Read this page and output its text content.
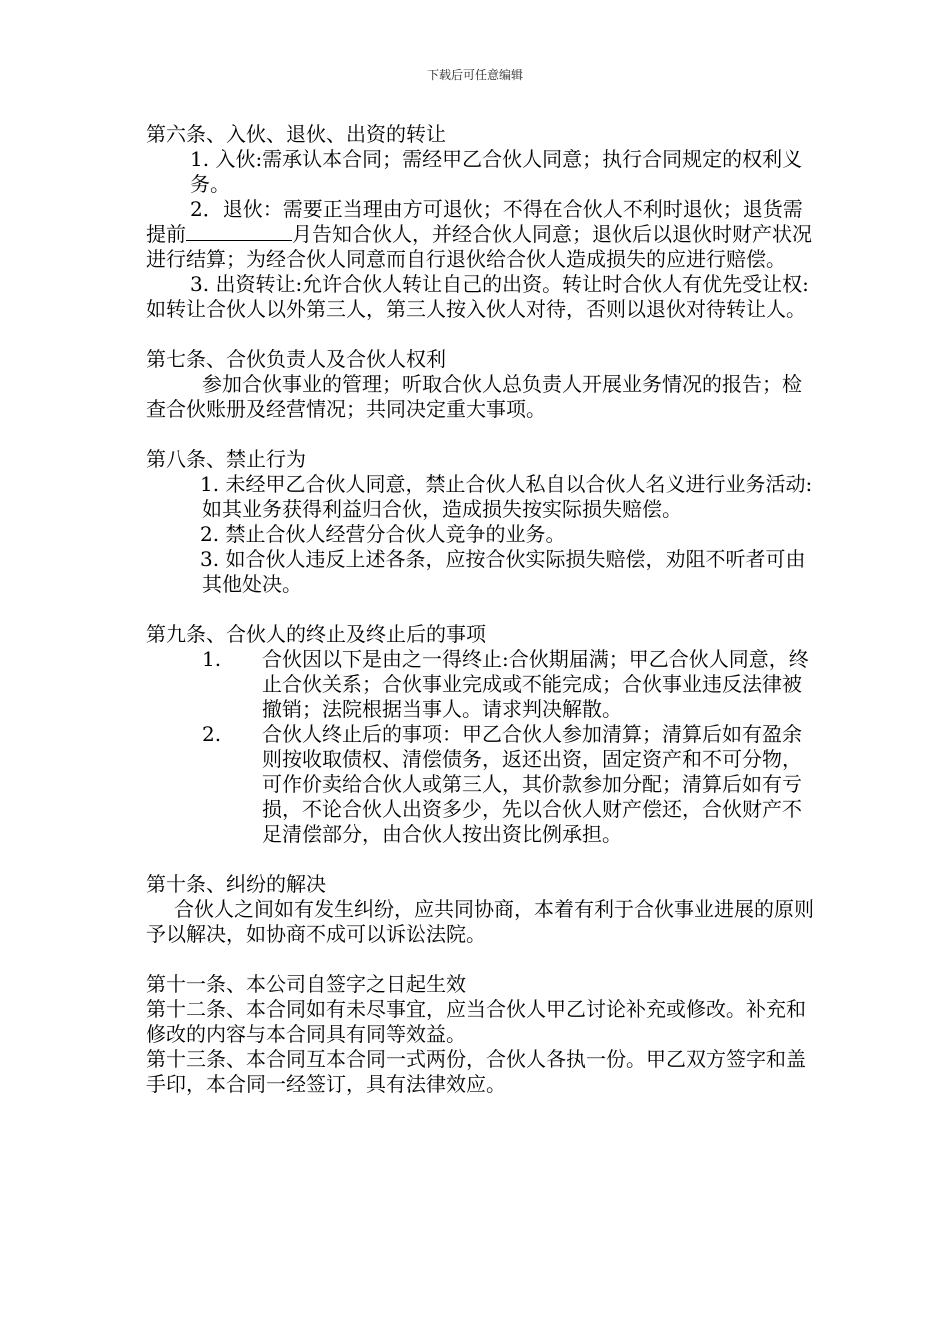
下载后可任意编辑

第六条、入伙、退伙、出资的转让

1. 入伙:需承认本合同；需经甲乙合伙人同意；执行合同规定的权利义务。

2．退伙：需要正当理由方可退伙；不得在合伙人不利时退伙；退货需提前	月告知合伙人，并经合伙人同意；退伙后以退伙时财产状况进行结算；为经合伙人同意而自行退伙给合伙人造成损失的应进行赔偿。

3. 出资转让:允许合伙人转让自己的出资。转让时合伙人有优先受让权:如转让合伙人以外第三人，第三人按入伙人对待，否则以退伙对待转让人。

第七条、合伙负责人及合伙人权利

参加合伙事业的管理；听取合伙人总负责人开展业务情况的报告；检查合伙账册及经营情况；共同决定重大事项。

第八条、禁止行为

1. 未经甲乙合伙人同意，禁止合伙人私自以合伙人名义进行业务活动:如其业务获得利益归合伙，造成损失按实际损失赔偿。

2. 禁止合伙人经营分合伙人竞争的业务。

3. 如合伙人违反上述各条，应按合伙实际损失赔偿，劝阻不听者可由其他处决。

第九条、合伙人的终止及终止后的事项

1.	合伙因以下是由之一得终止:合伙期届满；甲乙合伙人同意，终止合伙关系；合伙事业完成或不能完成；合伙事业违反法律被撤销；法院根据当事人。请求判决解散。
2.	合伙人终止后的事项：甲乙合伙人参加清算；清算后如有盈余则按收取债权、清偿债务，返还出资，固定资产和不可分物，可作价卖给合伙人或第三人，其价款参加分配；清算后如有亏损，不论合伙人出资多少，先以合伙人财产偿还，合伙财产不足清偿部分，由合伙人按出资比例承担。

第十条、纠纷的解决

合伙人之间如有发生纠纷，应共同协商，本着有利于合伙事业进展的原则予以解决，如协商不成可以诉讼法院。

第十一条、本公司自签字之日起生效

第十二条、本合同如有未尽事宜，应当合伙人甲乙讨论补充或修改。补充和修改的内容与本合同具有同等效益。

第十三条、本合同互本合同一式两份，合伙人各执一份。甲乙双方签字和盖手印，本合同一经签订，具有法律效应。
